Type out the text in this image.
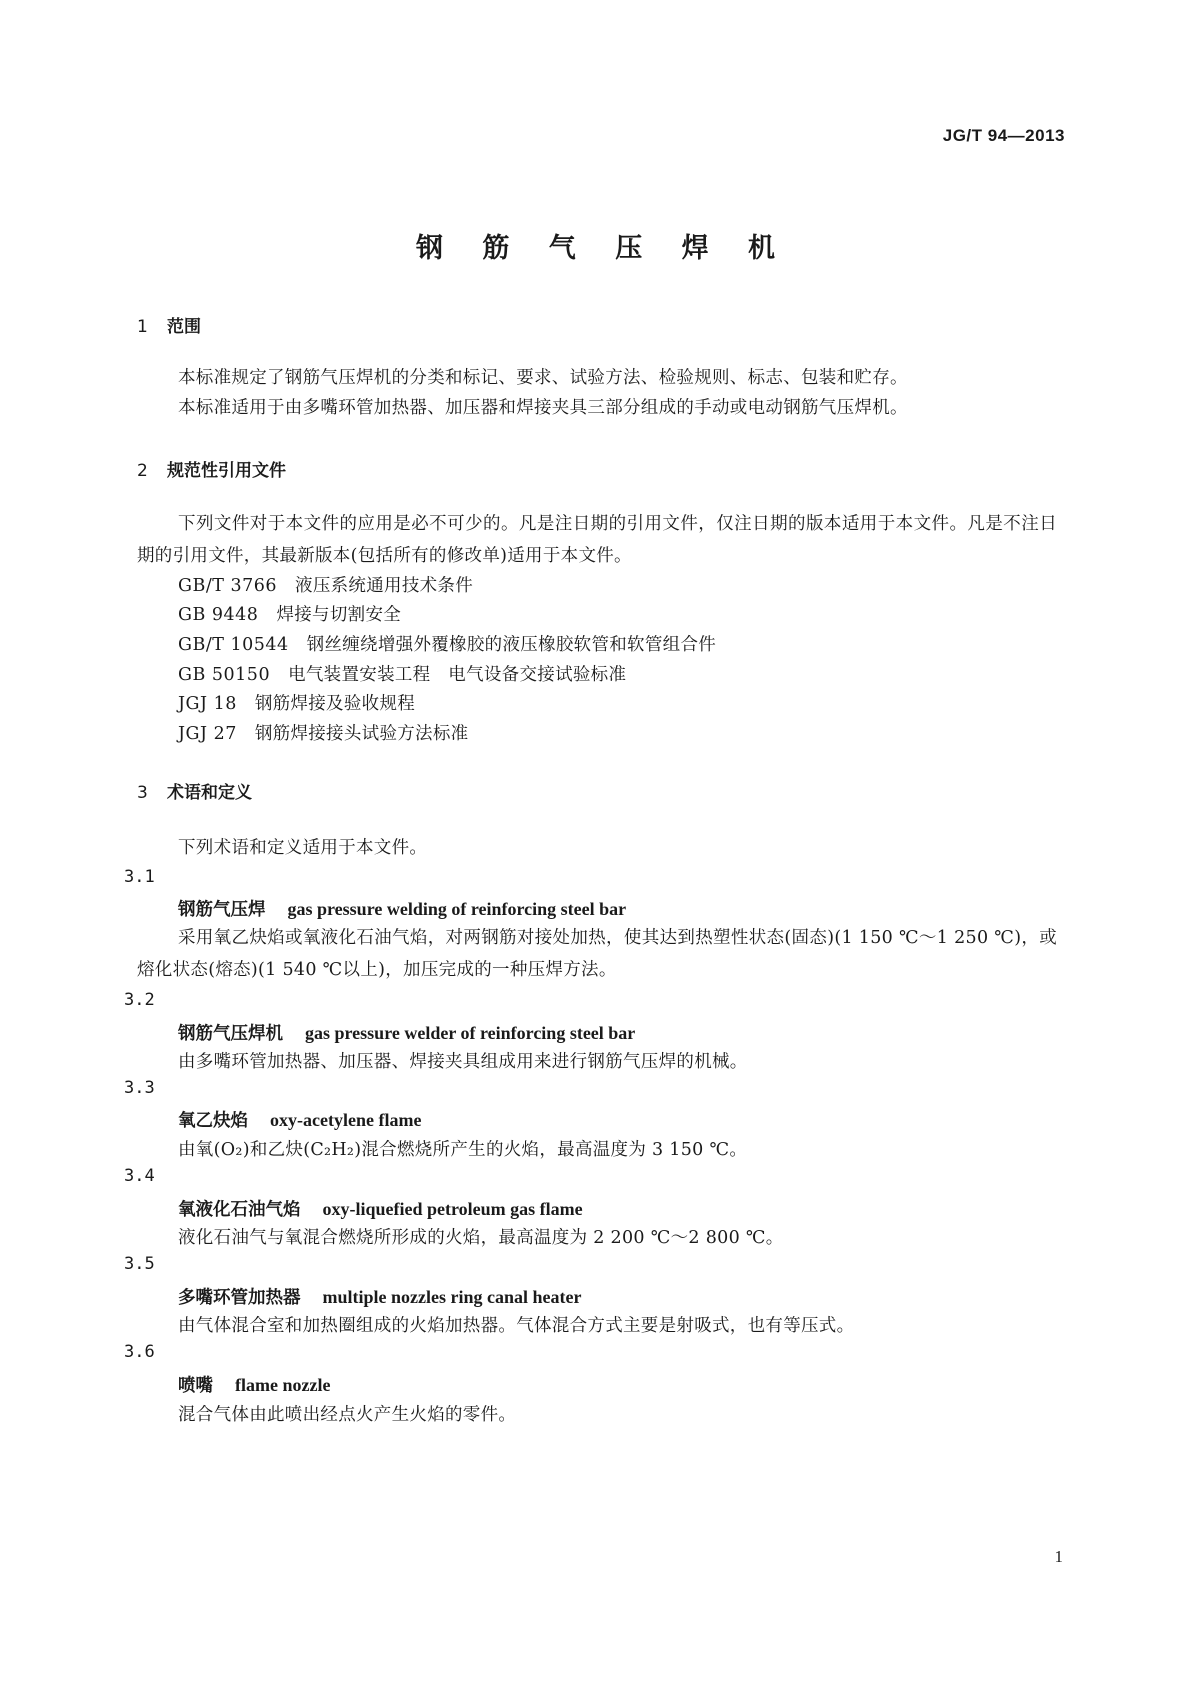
JG/T 94—2013
钢 筋 气 压 焊 机
1 范围
本标准规定了钢筋气压焊机的分类和标记、要求、试验方法、检验规则、标志、包装和贮存。
本标准适用于由多嘴环管加热器、加压器和焊接夹具三部分组成的手动或电动钢筋气压焊机。
2 规范性引用文件
下列文件对于本文件的应用是必不可少的。凡是注日期的引用文件，仅注日期的版本适用于本文件。凡是不注日期的引用文件，其最新版本(包括所有的修改单)适用于本文件。
GB/T 3766 液压系统通用技术条件
GB 9448 焊接与切割安全
GB/T 10544 钢丝缠绕增强外覆橡胶的液压橡胶软管和软管组合件
GB 50150 电气装置安装工程　电气设备交接试验标准
JGJ 18 钢筋焊接及验收规程
JGJ 27 钢筋焊接接头试验方法标准
3 术语和定义
下列术语和定义适用于本文件。
3.1
钢筋气压焊 gas pressure welding of reinforcing steel bar
采用氧乙炔焰或氧液化石油气焰，对两钢筋对接处加热，使其达到热塑性状态(固态)(1 150 ℃～1 250 ℃)，或熔化状态(熔态)(1 540 ℃以上)，加压完成的一种压焊方法。
3.2
钢筋气压焊机 gas pressure welder of reinforcing steel bar
由多嘴环管加热器、加压器、焊接夹具组成用来进行钢筋气压焊的机械。
3.3
氧乙炔焰 oxy-acetylene flame
由氧(O₂)和乙炔(C₂H₂)混合燃烧所产生的火焰，最高温度为 3 150 ℃。
3.4
氧液化石油气焰 oxy-liquefied petroleum gas flame
液化石油气与氧混合燃烧所形成的火焰，最高温度为 2 200 ℃～2 800 ℃。
3.5
多嘴环管加热器 multiple nozzles ring canal heater
由气体混合室和加热圈组成的火焰加热器。气体混合方式主要是射吸式，也有等压式。
3.6
喷嘴 flame nozzle
混合气体由此喷出经点火产生火焰的零件。
1
